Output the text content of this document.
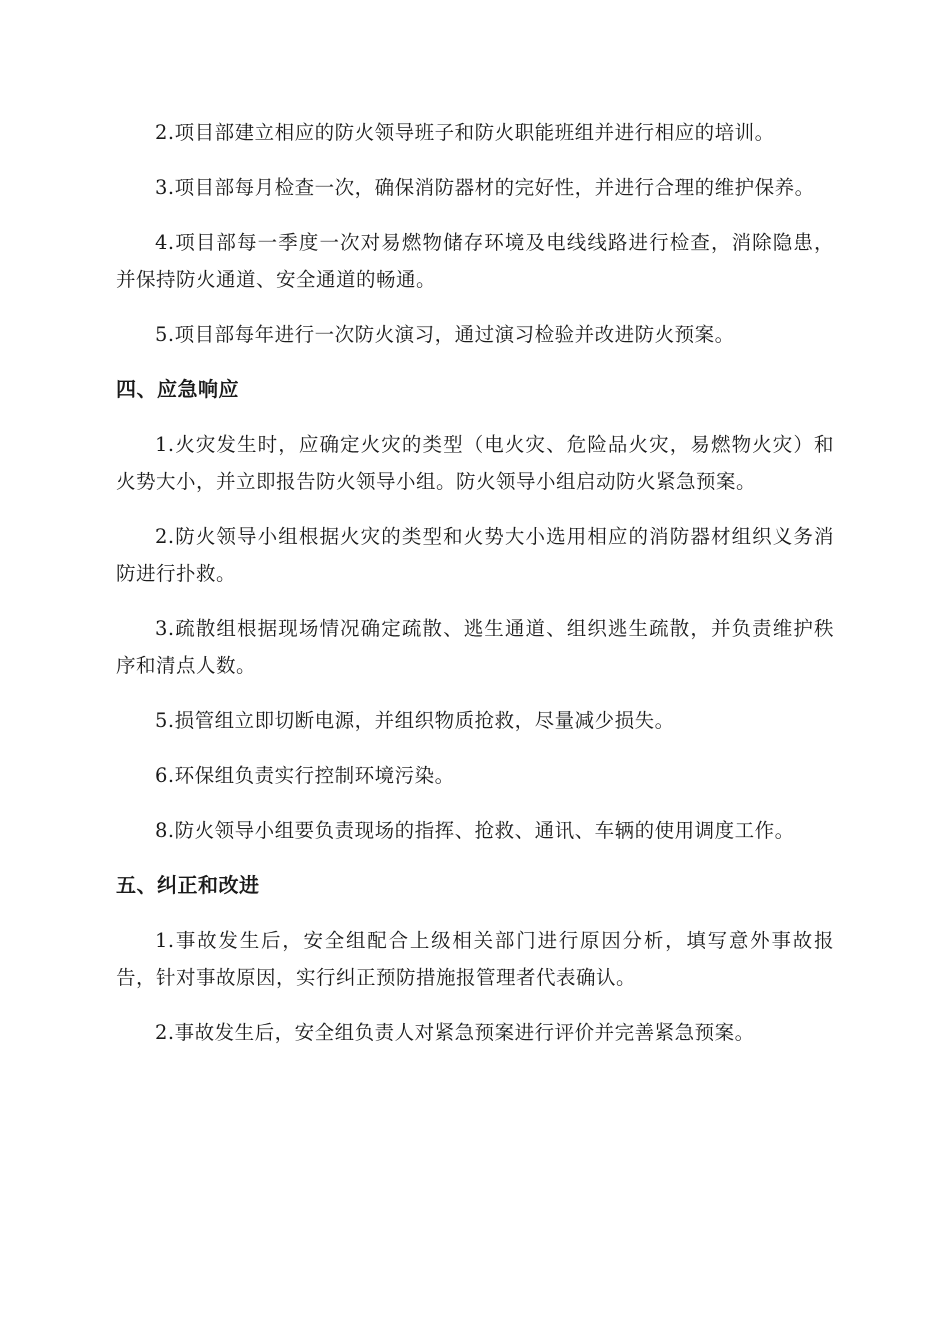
2.项目部建立相应的防火领导班子和防火职能班组并进行相应的培训。

3.项目部每月检查一次，确保消防器材的完好性，并进行合理的维护保养。

4.项目部每一季度一次对易燃物储存环境及电线线路进行检查，消除隐患，并保持防火通道、安全通道的畅通。

5.项目部每年进行一次防火演习，通过演习检验并改进防火预案。

四、应急响应

1.火灾发生时，应确定火灾的类型（电火灾、危险品火灾，易燃物火灾）和火势大小，并立即报告防火领导小组。防火领导小组启动防火紧急预案。

2.防火领导小组根据火灾的类型和火势大小选用相应的消防器材组织义务消防进行扑救。

3.疏散组根据现场情况确定疏散、逃生通道、组织逃生疏散，并负责维护秩序和清点人数。

5.损管组立即切断电源，并组织物质抢救，尽量减少损失。

6.环保组负责实行控制环境污染。

8.防火领导小组要负责现场的指挥、抢救、通讯、车辆的使用调度工作。

五、纠正和改进

1.事故发生后，安全组配合上级相关部门进行原因分析，填写意外事故报告，针对事故原因，实行纠正预防措施报管理者代表确认。

2.事故发生后，安全组负责人对紧急预案进行评价并完善紧急预案。
